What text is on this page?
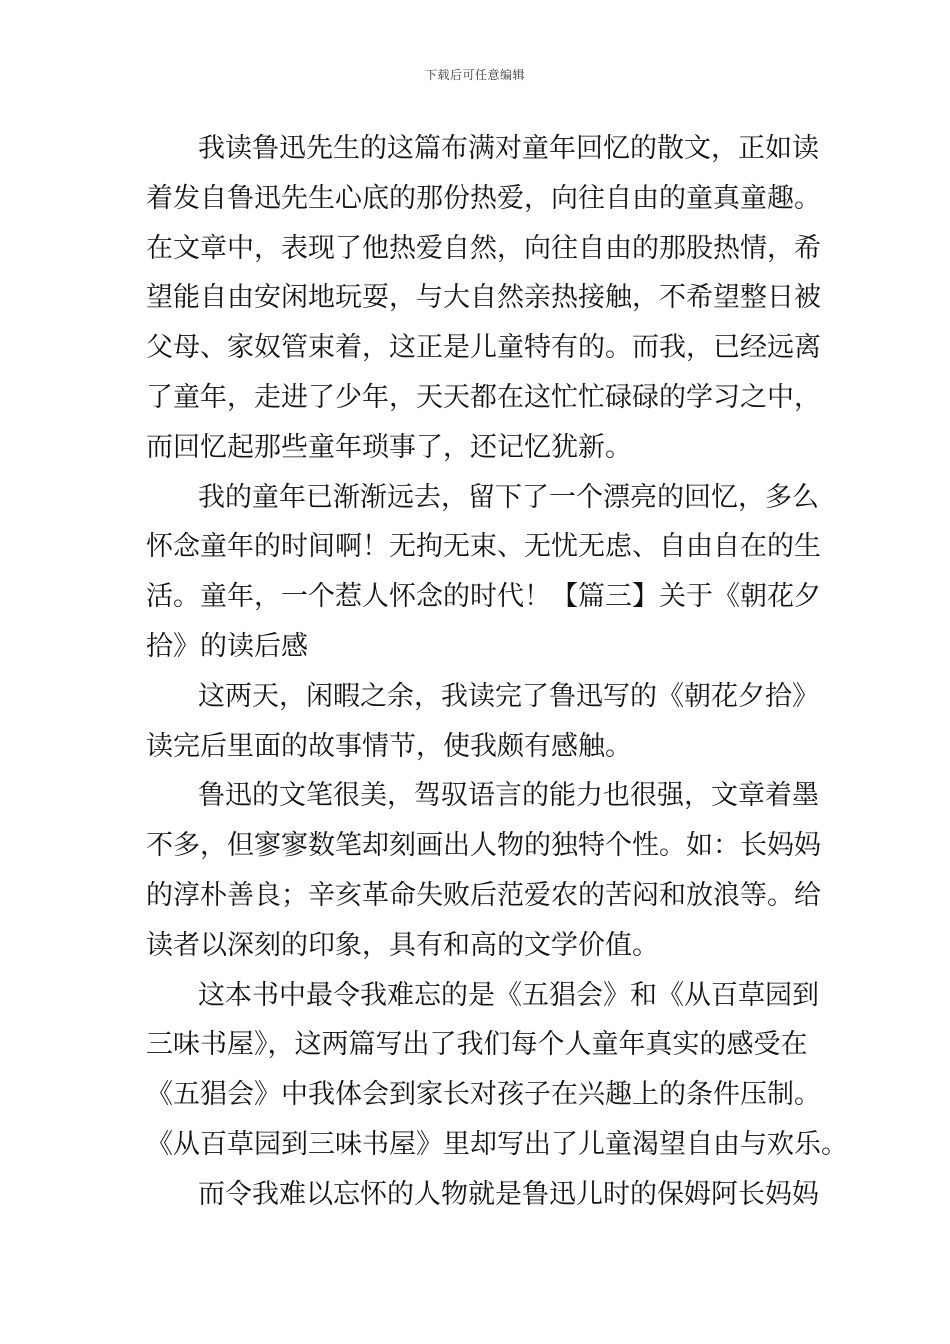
下载后可任意编辑
我读鲁迅先生的这篇布满对童年回忆的散文，正如读
着发自鲁迅先生心底的那份热爱，向往自由的童真童趣。
在文章中，表现了他热爱自然，向往自由的那股热情，希
望能自由安闲地玩耍，与大自然亲热接触，不希望整日被
父母、家奴管束着，这正是儿童特有的。而我，已经远离
了童年，走进了少年，天天都在这忙忙碌碌的学习之中，
而回忆起那些童年琐事了，还记忆犹新。
我的童年已渐渐远去，留下了一个漂亮的回忆，多么
怀念童年的时间啊！无拘无束、无忧无虑、自由自在的生
活。童年，一个惹人怀念的时代！【篇三】关于《朝花夕
拾》的读后感
这两天，闲暇之余，我读完了鲁迅写的《朝花夕拾》
读完后里面的故事情节，使我颇有感触。
鲁迅的文笔很美，驾驭语言的能力也很强，文章着墨
不多，但寥寥数笔却刻画出人物的独特个性。如：长妈妈
的淳朴善良；辛亥革命失败后范爱农的苦闷和放浪等。给
读者以深刻的印象，具有和高的文学价值。
这本书中最令我难忘的是《五猖会》和《从百草园到
三味书屋》，这两篇写出了我们每个人童年真实的感受在
《五猖会》中我体会到家长对孩子在兴趣上的条件压制。
《从百草园到三味书屋》里却写出了儿童渴望自由与欢乐。
而令我难以忘怀的人物就是鲁迅儿时的保姆阿长妈妈
